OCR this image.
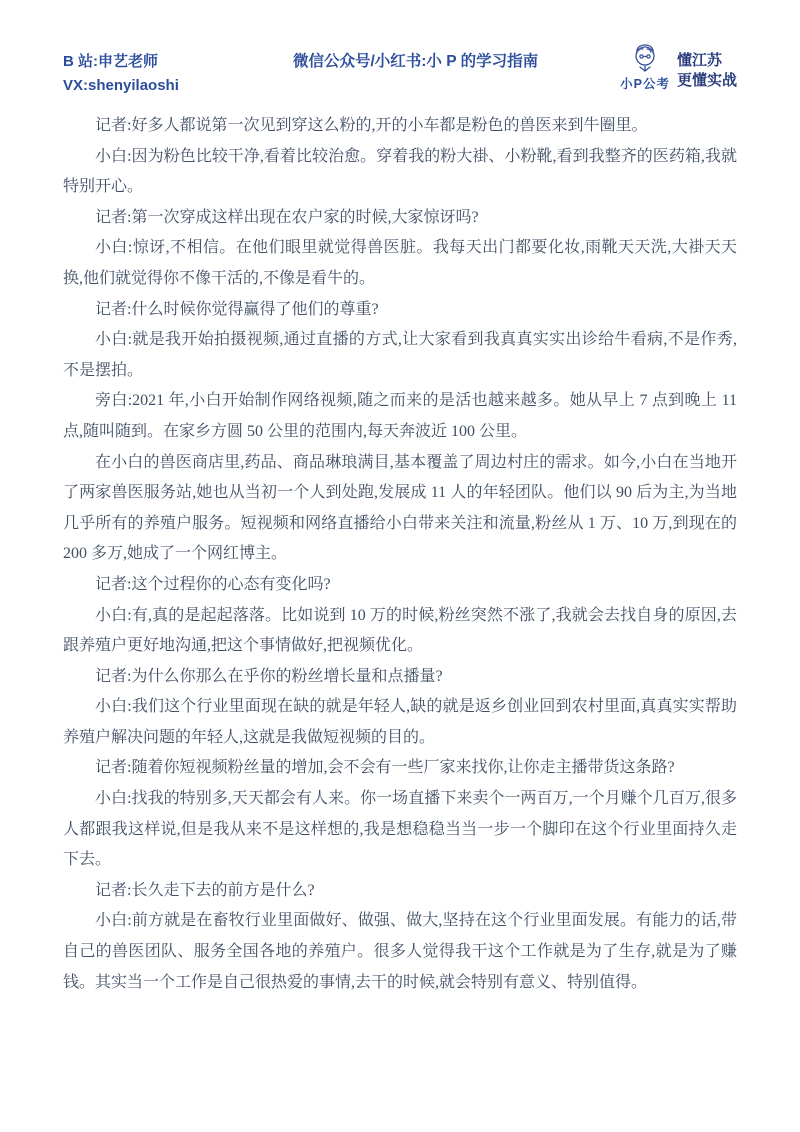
B 站:申艺老师
VX:shenyilaoshi
微信公众号/小红书:小 P 的学习指南
小P公考
懂江苏
更懂实战

记者:好多人都说第一次见到穿这么粉的,开的小车都是粉色的兽医来到牛圈里。

小白:因为粉色比较干净,看着比较治愈。穿着我的粉大褂、小粉靴,看到我整齐的医药箱,我就特别开心。

记者:第一次穿成这样出现在农户家的时候,大家惊讶吗?

小白:惊讶,不相信。在他们眼里就觉得兽医脏。我每天出门都要化妆,雨靴天天洗,大褂天天换,他们就觉得你不像干活的,不像是看牛的。

记者:什么时候你觉得赢得了他们的尊重?

小白:就是我开始拍摄视频,通过直播的方式,让大家看到我真真实实出诊给牛看病,不是作秀,不是摆拍。

旁白:2021 年,小白开始制作网络视频,随之而来的是活也越来越多。她从早上 7 点到晚上 11 点,随叫随到。在家乡方圆 50 公里的范围内,每天奔波近 100 公里。

在小白的兽医商店里,药品、商品琳琅满目,基本覆盖了周边村庄的需求。如今,小白在当地开了两家兽医服务站,她也从当初一个人到处跑,发展成 11 人的年轻团队。他们以 90 后为主,为当地几乎所有的养殖户服务。短视频和网络直播给小白带来关注和流量,粉丝从 1 万、10 万,到现在的 200 多万,她成了一个网红博主。

记者:这个过程你的心态有变化吗?

小白:有,真的是起起落落。比如说到 10 万的时候,粉丝突然不涨了,我就会去找自身的原因,去跟养殖户更好地沟通,把这个事情做好,把视频优化。

记者:为什么你那么在乎你的粉丝增长量和点播量?

小白:我们这个行业里面现在缺的就是年轻人,缺的就是返乡创业回到农村里面,真真实实帮助养殖户解决问题的年轻人,这就是我做短视频的目的。

记者:随着你短视频粉丝量的增加,会不会有一些厂家来找你,让你走主播带货这条路?

小白:找我的特别多,天天都会有人来。你一场直播下来卖个一两百万,一个月赚个几百万,很多人都跟我这样说,但是我从来不是这样想的,我是想稳稳当当一步一个脚印在这个行业里面持久走下去。

记者:长久走下去的前方是什么?

小白:前方就是在畜牧行业里面做好、做强、做大,坚持在这个行业里面发展。有能力的话,带自己的兽医团队、服务全国各地的养殖户。很多人觉得我干这个工作就是为了生存,就是为了赚钱。其实当一个工作是自己很热爱的事情,去干的时候,就会特别有意义、特别值得。
